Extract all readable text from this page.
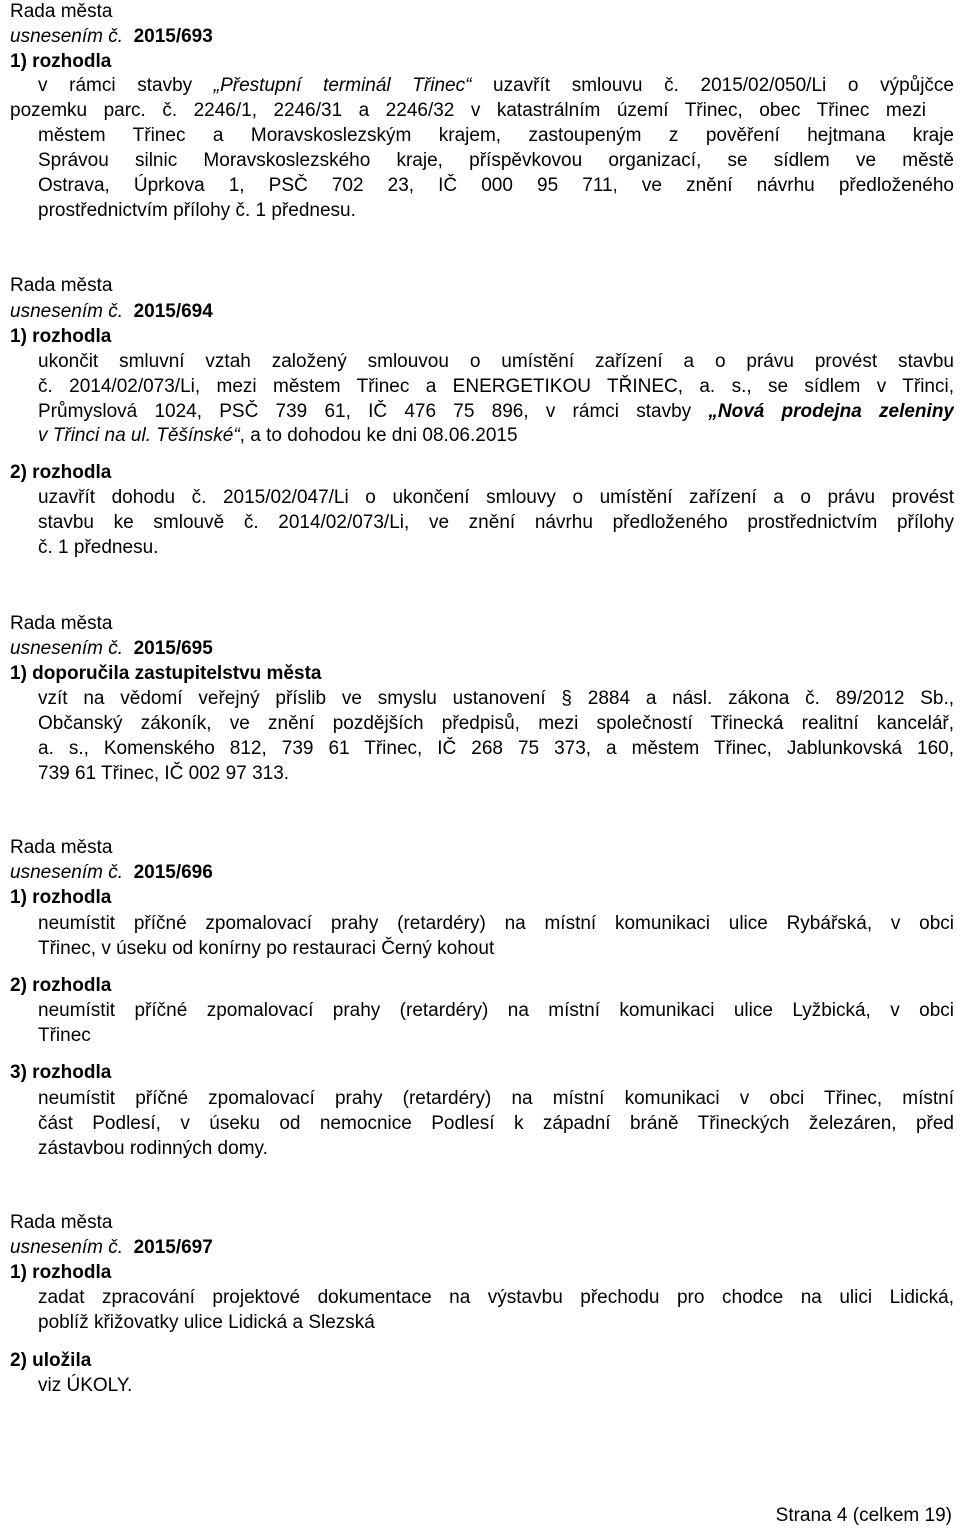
Rada města
usnesením č. 2015/693
1) rozhodla
v rámci stavby „Přestupní terminál Třinec“ uzavřít smlouvu č. 2015/02/050/Li o výpůjčce
pozemku parc. č. 2246/1, 2246/31 a 2246/32 v katastrálním území Třinec, obec Třinec mezi
městem Třinec a Moravskoslezským krajem, zastoupeným z pověření hejtmana kraje
Správou silnic Moravskoslezského kraje, příspěvkovou organizací, se sídlem ve městě
Ostrava, Úprkova 1, PSČ 702 23, IČ 000 95 711, ve znění návrhu předloženého
prostřednictvím přílohy č. 1 přednesu.
Rada města
usnesením č. 2015/694
1) rozhodla
ukončit smluvní vztah založený smlouvou o umístění zařízení a o právu provést stavbu
č. 2014/02/073/Li, mezi městem Třinec a ENERGETIKOU TŘINEC, a. s., se sídlem v Třinci,
Průmyslová 1024, PSČ 739 61, IČ 476 75 896, v rámci stavby „Nová prodejna zeleniny
v Třinci na ul. Těšínské“, a to dohodou ke dni 08.06.2015
2) rozhodla
uzavřít dohodu č. 2015/02/047/Li o ukončení smlouvy o umístění zařízení a o právu provést
stavbu ke smlouvě č. 2014/02/073/Li, ve znění návrhu předloženého prostřednictvím přílohy
č. 1 přednesu.
Rada města
usnesením č. 2015/695
1) doporučila zastupitelstvu města
vzít na vědomí veřejný příslib ve smyslu ustanovení § 2884 a násl. zákona č. 89/2012 Sb.,
Občanský zákoník, ve znění pozdějších předpisů, mezi společností Třinecká realitní kancelář,
a. s., Komenského 812, 739 61 Třinec, IČ 268 75 373, a městem Třinec, Jablunkovská 160,
739 61 Třinec, IČ 002 97 313.
Rada města
usnesením č. 2015/696
1) rozhodla
neumístit příčné zpomalovací prahy (retardéry) na místní komunikaci ulice Rybářská, v obci
Třinec, v úseku od konírny po restauraci Černý kohout
2) rozhodla
neumístit příčné zpomalovací prahy (retardéry) na místní komunikaci ulice Lyžbická, v obci
Třinec
3) rozhodla
neumístit příčné zpomalovací prahy (retardéry) na místní komunikaci v obci Třinec, místní
část Podlesí, v úseku od nemocnice Podlesí k západní bráně Třineckých železáren, před
zástavbou rodinných domy.
Rada města
usnesením č. 2015/697
1) rozhodla
zadat zpracování projektové dokumentace na výstavbu přechodu pro chodce na ulici Lidická,
poblíž křižovatky ulice Lidická a Slezská
2) uložila
viz ÚKOLY.
Strana 4 (celkem 19)
